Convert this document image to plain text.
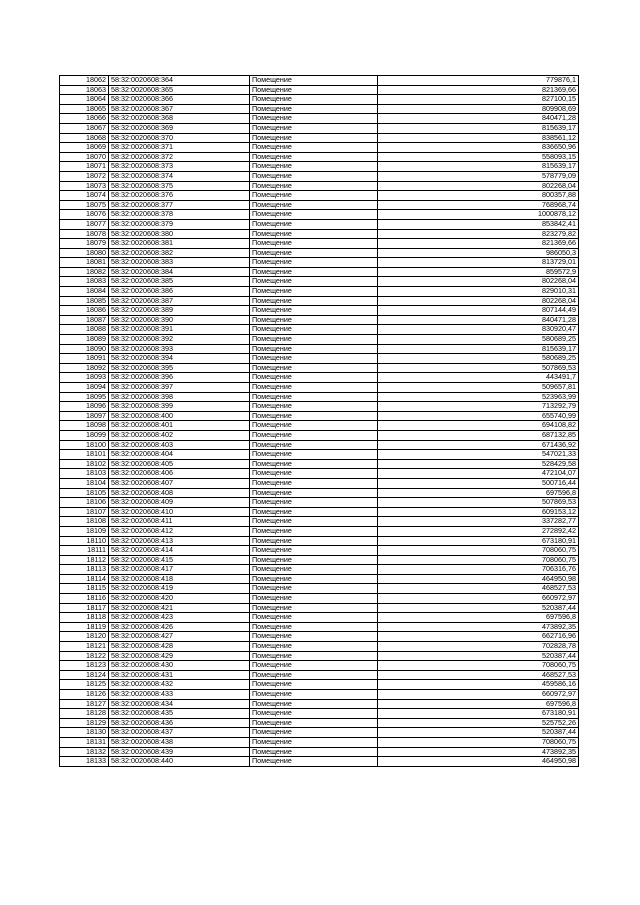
18062	58:32:0020608:364	Помещение	779876,1
18063	58:32:0020608:365	Помещение	821369,66
18064	58:32:0020608:366	Помещение	827100,15
18065	58:32:0020608:367	Помещение	809908,69
18066	58:32:0020608:368	Помещение	840471,28
18067	58:32:0020608:369	Помещение	815639,17
18068	58:32:0020608:370	Помещение	838561,12
18069	58:32:0020608:371	Помещение	836650,96
18070	58:32:0020608:372	Помещение	558093,15
18071	58:32:0020608:373	Помещение	815639,17
18072	58:32:0020608:374	Помещение	578779,09
18073	58:32:0020608:375	Помещение	802268,04
18074	58:32:0020608:376	Помещение	800357,88
18075	58:32:0020608:377	Помещение	768968,74
18076	58:32:0020608:378	Помещение	1000878,12
18077	58:32:0020608:379	Помещение	853842,41
18078	58:32:0020608:380	Помещение	823279,82
18079	58:32:0020608:381	Помещение	821369,66
18080	58:32:0020608:382	Помещение	986050,3
18081	58:32:0020608:383	Помещение	813729,01
18082	58:32:0020608:384	Помещение	859572,9
18083	58:32:0020608:385	Помещение	802268,04
18084	58:32:0020608:386	Помещение	829010,31
18085	58:32:0020608:387	Помещение	802268,04
18086	58:32:0020608:389	Помещение	807144,49
18087	58:32:0020608:390	Помещение	840471,28
18088	58:32:0020608:391	Помещение	830920,47
18089	58:32:0020608:392	Помещение	580689,25
18090	58:32:0020608:393	Помещение	815639,17
18091	58:32:0020608:394	Помещение	580689,25
18092	58:32:0020608:395	Помещение	507869,53
18093	58:32:0020608:396	Помещение	443491,7
18094	58:32:0020608:397	Помещение	509657,81
18095	58:32:0020608:398	Помещение	523963,99
18096	58:32:0020608:399	Помещение	713292,79
18097	58:32:0020608:400	Помещение	655740,99
18098	58:32:0020608:401	Помещение	694108,82
18099	58:32:0020608:402	Помещение	687132,85
18100	58:32:0020608:403	Помещение	671436,92
18101	58:32:0020608:404	Помещение	547021,33
18102	58:32:0020608:405	Помещение	528429,58
18103	58:32:0020608:406	Помещение	472104,07
18104	58:32:0020608:407	Помещение	500716,44
18105	58:32:0020608:408	Помещение	697596,8
18106	58:32:0020608:409	Помещение	507869,53
18107	58:32:0020608:410	Помещение	609153,12
18108	58:32:0020608:411	Помещение	337282,77
18109	58:32:0020608:412	Помещение	272892,42
18110	58:32:0020608:413	Помещение	673180,91
18111	58:32:0020608:414	Помещение	708060,75
18112	58:32:0020608:415	Помещение	708060,75
18113	58:32:0020608:417	Помещение	706316,76
18114	58:32:0020608:418	Помещение	464950,98
18115	58:32:0020608:419	Помещение	468527,53
18116	58:32:0020608:420	Помещение	660972,97
18117	58:32:0020608:421	Помещение	520387,44
18118	58:32:0020608:423	Помещение	697596,8
18119	58:32:0020608:426	Помещение	473892,35
18120	58:32:0020608:427	Помещение	662716,96
18121	58:32:0020608:428	Помещение	702828,78
18122	58:32:0020608:429	Помещение	520387,44
18123	58:32:0020608:430	Помещение	708060,75
18124	58:32:0020608:431	Помещение	468527,53
18125	58:32:0020608:432	Помещение	459586,16
18126	58:32:0020608:433	Помещение	660972,97
18127	58:32:0020608:434	Помещение	697596,8
18128	58:32:0020608:435	Помещение	673180,91
18129	58:32:0020608:436	Помещение	525752,26
18130	58:32:0020608:437	Помещение	520387,44
18131	58:32:0020608:438	Помещение	708060,75
18132	58:32:0020608:439	Помещение	473892,35
18133	58:32:0020608:440	Помещение	464950,98
